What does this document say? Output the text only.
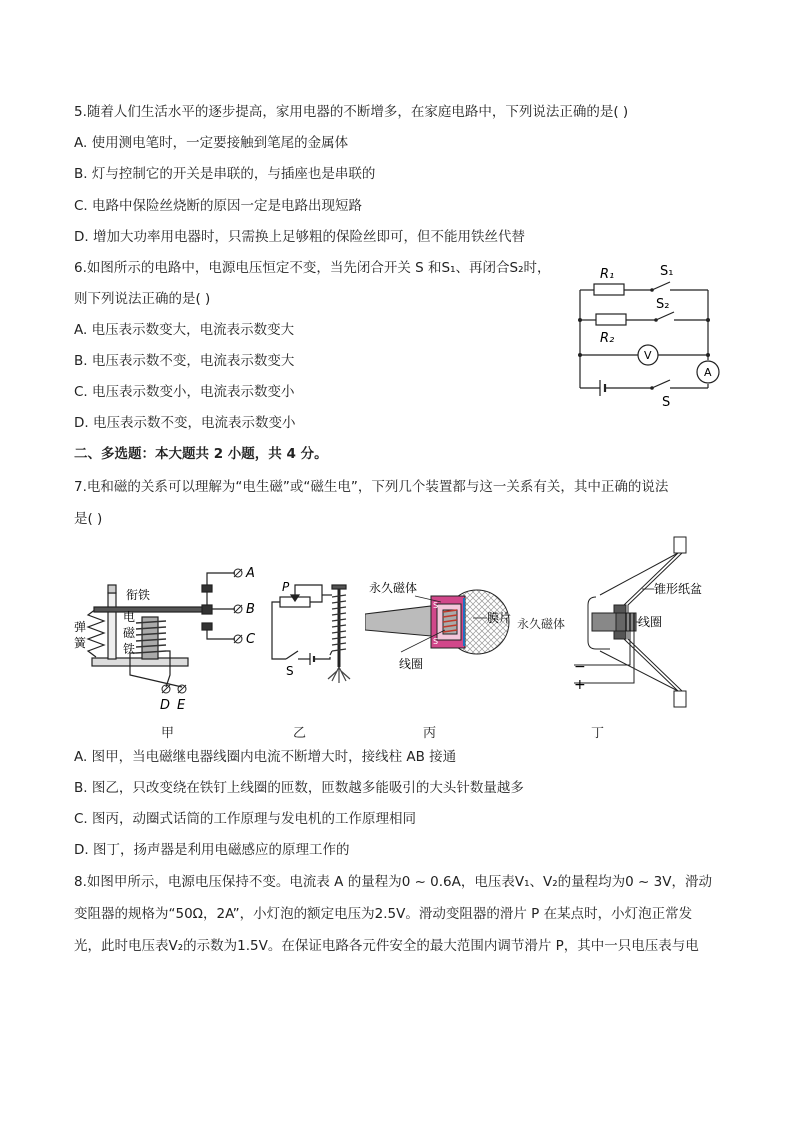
5.随着人们生活水平的逐步提高，家用电器的不断增多，在家庭电路中，下列说法正确的是( )
A. 使用测电笔时，一定要接触到笔尾的金属体
B. 灯与控制它的开关是串联的，与插座也是串联的
C. 电路中保险丝烧断的原因一定是电路出现短路
D. 增加大功率用电器时，只需换上足够粗的保险丝即可，但不能用铁丝代替
6.如图所示的电路中，电源电压恒定不变，当先闭合开关 S 和S₁、再闭合S₂时，
则下列说法正确的是( )
A. 电压表示数变大，电流表示数变大
B. 电压表示数不变，电流表示数变大
C. 电压表示数变小，电流表示数变小
D. 电压表示数不变，电流表示数变小
R₁	S₁
S₂
R₂
V
A
S
二、多选题：本大题共 2 小题，共 4 分。
7.电和磁的关系可以理解为“电生磁”或“磁生电”，下列几个装置都与这一关系有关，其中正确的说法
是( )
衔铁
弹
簧
电
磁
铁
A
B
C
D E
甲
P
S
乙
S
S
永久磁体
膜片
线圈
丙
锥形纸盆
线圈
−
+
永久磁体
丁
A. 图甲，当电磁继电器线圈内电流不断增大时，接线柱 AB 接通
B. 图乙，只改变绕在铁钉上线圈的匝数，匝数越多能吸引的大头针数量越多
C. 图丙，动圈式话筒的工作原理与发电机的工作原理相同
D. 图丁，扬声器是利用电磁感应的原理工作的
8.如图甲所示，电源电压保持不变。电流表 A 的量程为0 ~ 0.6A，电压表V₁、V₂的量程均为0 ~ 3V，滑动
变阻器的规格为“50Ω，2A”，小灯泡的额定电压为2.5V。滑动变阻器的滑片 P 在某点时，小灯泡正常发
光，此时电压表V₂的示数为1.5V。在保证电路各元件安全的最大范围内调节滑片 P，其中一只电压表与电
